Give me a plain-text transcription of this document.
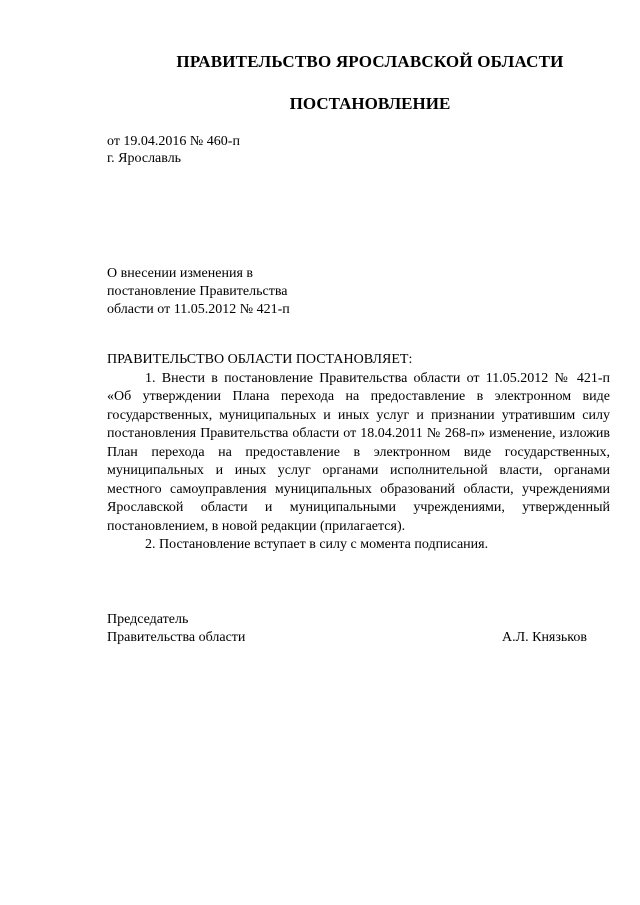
ПРАВИТЕЛЬСТВО ЯРОСЛАВСКОЙ ОБЛАСТИ
ПОСТАНОВЛЕНИЕ
от 19.04.2016 № 460-п
г. Ярославль
О внесении изменения в
постановление Правительства
области от 11.05.2012 № 421-п
ПРАВИТЕЛЬСТВО ОБЛАСТИ ПОСТАНОВЛЯЕТ:

1. Внести в постановление Правительства области от 11.05.2012 № 421-п «Об утверждении Плана перехода на предоставление в электронном виде государственных, муниципальных и иных услуг и признании утратившим силу постановления Правительства области от 18.04.2011 № 268-п» изменение, изложив План перехода на предоставление в электронном виде государственных, муниципальных и иных услуг органами исполнительной власти, органами местного самоуправления муниципальных образований области, учреждениями Ярославской области и муниципальными учреждениями, утвержденный постановлением, в новой редакции (прилагается).

2. Постановление вступает в силу с момента подписания.

Председатель
Правительства области	А.Л. Князьков
